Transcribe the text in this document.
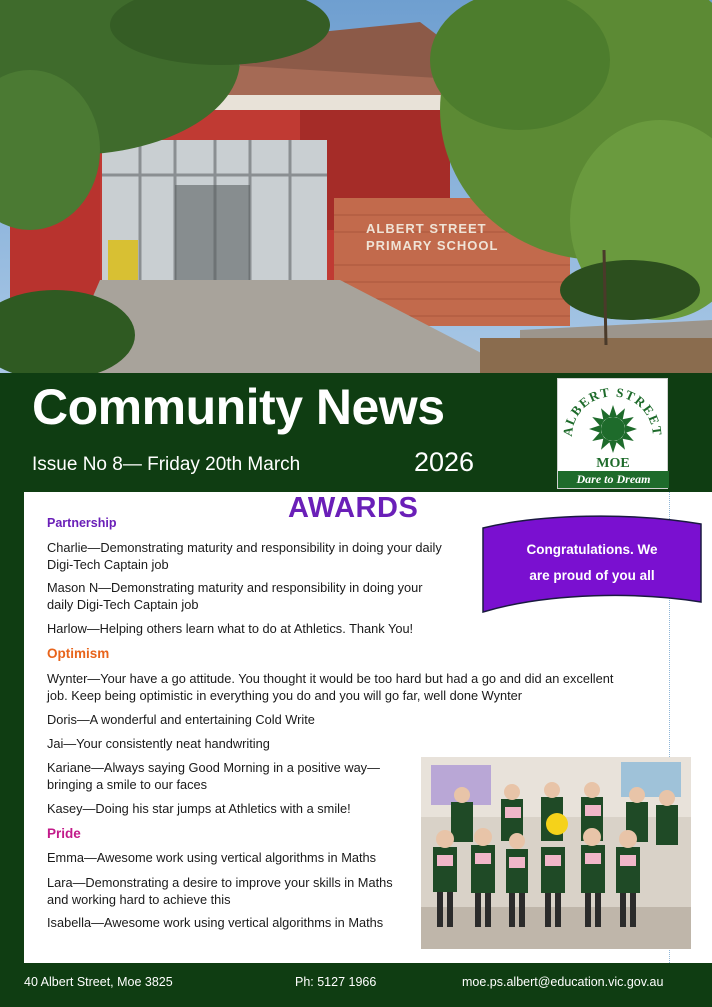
ALBERT STREET
PRIMARY SCHOOL
Community News
Issue No 8— Friday 20th March	2026
ALBERT STREET
MOE
Dare to Dream
AWARDS
Partnership
Charlie—Demonstrating maturity and responsibility in doing your daily
Digi-Tech Captain job
Mason N—Demonstrating maturity and responsibility in doing your
daily Digi-Tech Captain job
Harlow—Helping others learn what to do at Athletics. Thank You!
Optimism
Wynter—Your have a go attitude. You thought it would be too hard but had a go and did an excellent
job. Keep being optimistic in everything you do and you will go far, well done Wynter
Doris—A wonderful and entertaining Cold Write
Jai—Your consistently neat handwriting
Kariane—Always saying Good Morning in a positive way—
bringing a smile to our faces
Kasey—Doing his star jumps at Athletics with a smile!
Pride
Emma—Awesome work using vertical algorithms in Maths
Lara—Demonstrating a desire to improve your skills in Maths
and working hard to achieve this
Isabella—Awesome work using vertical algorithms in Maths
Congratulations. We
are proud of you all
40 Albert Street, Moe 3825	Ph: 5127 1966	moe.ps.albert@education.vic.gov.au
